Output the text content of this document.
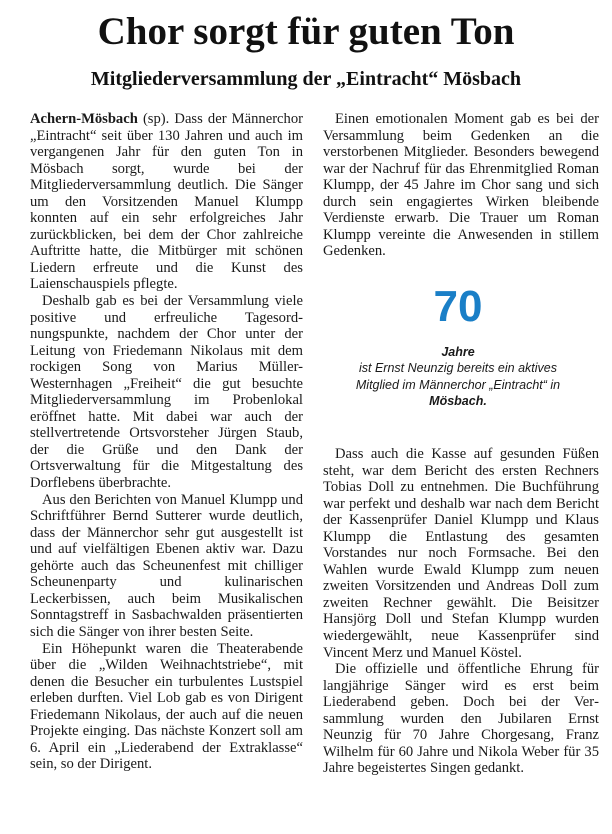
Chor sorgt für guten Ton
Mitgliederversammlung der „Eintracht“ Mösbach

Achern-Mösbach (sp). Dass der Männerchor „Eintracht“ seit über 130 Jahren und auch im vergangenen Jahr für den guten Ton in Mösbach sorgt, wurde bei der Mitgliederversammlung deutlich. Die Sänger um den Vorsitzenden Manuel Klumpp konnten auf ein sehr erfolgreiches Jahr zurückblicken, bei dem der Chor zahlreiche Auftritte hatte, die Mitbürger mit schönen Liedern erfreute und die Kunst des Laienschauspiels pflegte.

Deshalb gab es bei der Versammlung viele positive und erfreuliche Tagesordnungspunkte, nachdem der Chor unter der Leitung von Friedemann Nikolaus mit dem rockigen Song von Marius Müller-Westernhagen „Freiheit“ die gut besuchte Mitgliederversammlung im Probenlokal eröffnet hatte. Mit dabei war auch der stellvertretende Ortsvorsteher Jürgen Staub, der die Grüße und den Dank der Ortsverwaltung für die Mitgestaltung des Dorflebens überbrachte.

Aus den Berichten von Manuel Klumpp und Schriftführer Bernd Sutterer wurde deutlich, dass der Männerchor sehr gut ausgestellt ist und auf vielfältigen Ebenen aktiv war. Dazu gehörte auch das Scheunenfest mit chilliger Scheunenparty und kulinarischen Leckerbissen, auch beim Musikalischen Sonntagstreff in Sasbachwalden präsentierten sich die Sänger von ihrer besten Seite.

Ein Höhepunkt waren die Theaterabende über die „Wilden Weihnachtstriebe“, mit denen die Besucher ein turbulentes Lustspiel erleben durften. Viel Lob gab es von Dirigent Friedemann Nikolaus, der auch auf die neuen Projekte einging. Das nächste Konzert soll am 6. April ein „Liederabend der Extraklasse“ sein, so der Dirigent.

Einen emotionalen Moment gab es bei der Versammlung beim Gedenken an die verstorbenen Mitglieder. Besonders bewegend war der Nachruf für das Ehrenmitglied Roman Klumpp, der 45 Jahre im Chor sang und sich durch sein engagiertes Wirken bleibende Verdienste erwarb. Die Trauer um Roman Klumpp vereinte die Anwesenden in stillem Gedenken.

70
Jahre
ist Ernst Neunzig bereits ein aktives Mitglied im Männerchor „Eintracht“ in Mösbach.

Dass auch die Kasse auf gesunden Füßen steht, war dem Bericht des ersten Rechners Tobias Doll zu entnehmen. Die Buchführung war perfekt und deshalb war nach dem Bericht der Kassenprüfer Daniel Klumpp und Klaus Klumpp die Entlastung des gesamten Vorstandes nur noch Formsache. Bei den Wahlen wurde Ewald Klumpp zum neuen zweiten Vorsitzenden und Andreas Doll zum zweiten Rechner gewählt. Die Beisitzer Hansjörg Doll und Stefan Klumpp wurden wiedergewählt, neue Kassenprüfer sind Vincent Merz und Manuel Köstel.

Die offizielle und öffentliche Ehrung für langjährige Sänger wird es erst beim Liederabend geben. Doch bei der Versammlung wurden den Jubilaren Ernst Neunzig für 70 Jahre Chorgesang, Franz Wilhelm für 60 Jahre und Nikola Weber für 35 Jahre begeistertes Singen gedankt.
